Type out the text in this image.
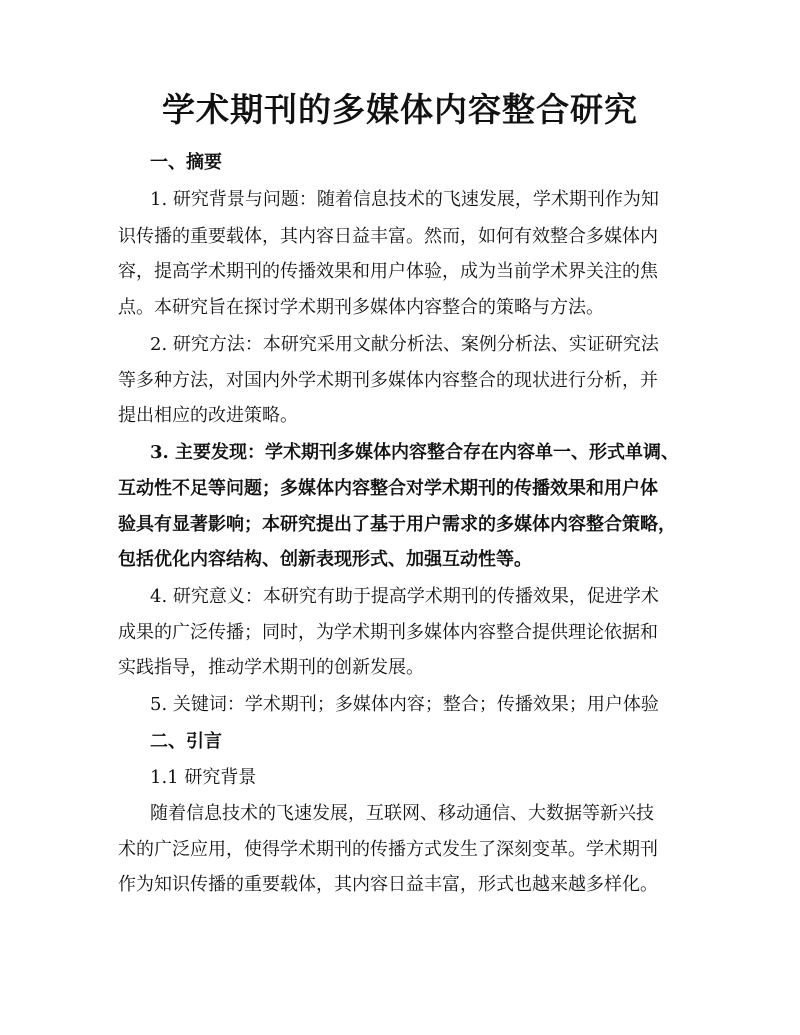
学术期刊的多媒体内容整合研究
一、摘要
1. 研究背景与问题：随着信息技术的飞速发展，学术期刊作为知
识传播的重要载体，其内容日益丰富。然而，如何有效整合多媒体内
容，提高学术期刊的传播效果和用户体验，成为当前学术界关注的焦
点。本研究旨在探讨学术期刊多媒体内容整合的策略与方法。
2. 研究方法：本研究采用文献分析法、案例分析法、实证研究法
等多种方法，对国内外学术期刊多媒体内容整合的现状进行分析，并
提出相应的改进策略。
3. 主要发现：学术期刊多媒体内容整合存在内容单一、形式单调、
互动性不足等问题；多媒体内容整合对学术期刊的传播效果和用户体
验具有显著影响；本研究提出了基于用户需求的多媒体内容整合策略，
包括优化内容结构、创新表现形式、加强互动性等。
4. 研究意义：本研究有助于提高学术期刊的传播效果，促进学术
成果的广泛传播；同时，为学术期刊多媒体内容整合提供理论依据和
实践指导，推动学术期刊的创新发展。
5. 关键词：学术期刊；多媒体内容；整合；传播效果；用户体验
二、引言
1.1 研究背景
随着信息技术的飞速发展，互联网、移动通信、大数据等新兴技
术的广泛应用，使得学术期刊的传播方式发生了深刻变革。学术期刊
作为知识传播的重要载体，其内容日益丰富，形式也越来越多样化。
